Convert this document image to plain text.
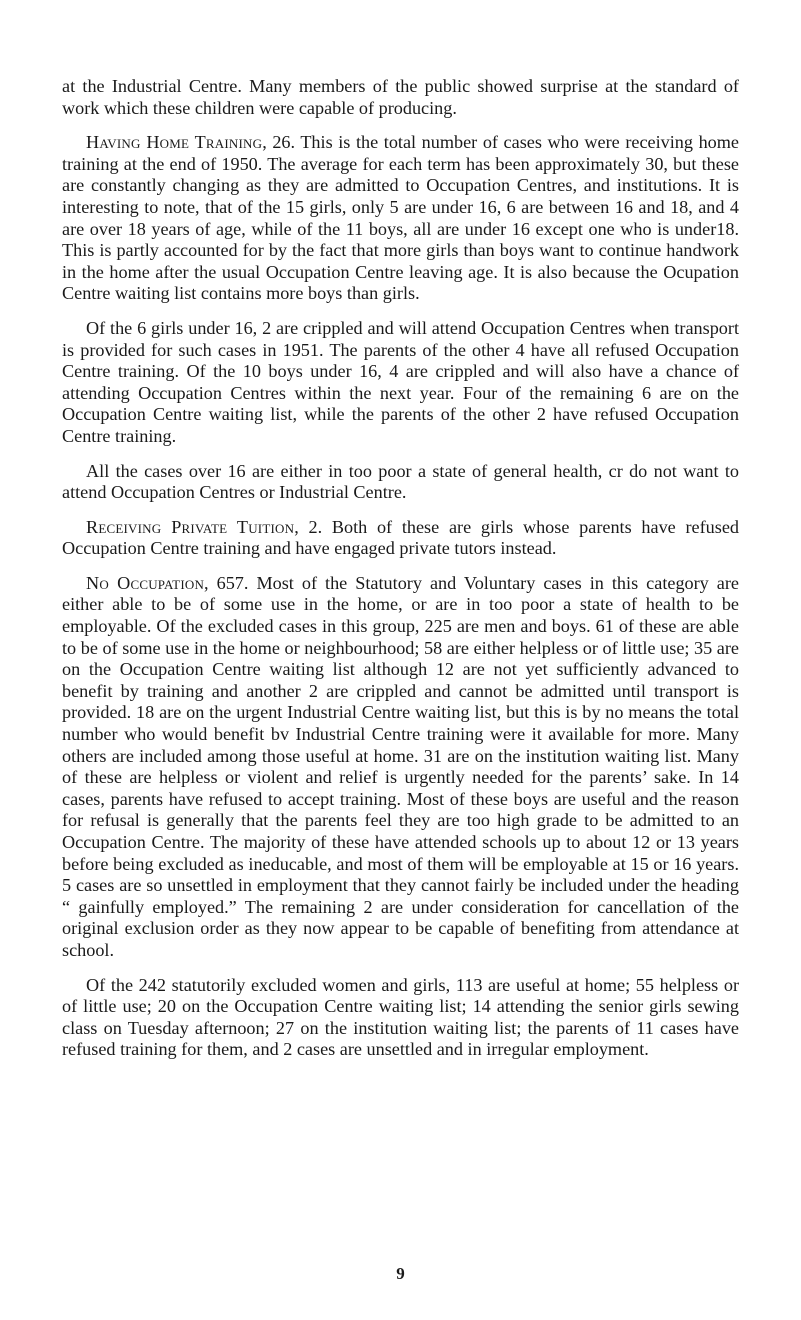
at the Industrial Centre. Many members of the public showed surprise at the standard of work which these children were capable of producing.

Having Home Training, 26. This is the total number of cases who were receiving home training at the end of 1950. The average for each term has been approximately 30, but these are constantly changing as they are admitted to Occupation Centres, and institutions. It is interesting to note, that of the 15 girls, only 5 are under 16, 6 are between 16 and 18, and 4 are over 18 years of age, while of the 11 boys, all are under 16 except one who is under18. This is partly accounted for by the fact that more girls than boys want to continue handwork in the home after the usual Occupation Centre leaving age. It is also because the Ocupation Centre waiting list contains more boys than girls.

Of the 6 girls under 16, 2 are crippled and will attend Occupation Centres when transport is provided for such cases in 1951. The parents of the other 4 have all refused Occupation Centre training. Of the 10 boys under 16, 4 are crippled and will also have a chance of attending Occupation Centres within the next year. Four of the remaining 6 are on the Occupation Centre waiting list, while the parents of the other 2 have refused Occupation Centre training.

All the cases over 16 are either in too poor a state of general health, cr do not want to attend Occupation Centres or Industrial Centre.

Receiving Private Tuition, 2. Both of these are girls whose parents have refused Occupation Centre training and have engaged private tutors instead.

No Occupation, 657. Most of the Statutory and Voluntary cases in this category are either able to be of some use in the home, or are in too poor a state of health to be employable. Of the excluded cases in this group, 225 are men and boys. 61 of these are able to be of some use in the home or neighbourhood; 58 are either helpless or of little use; 35 are on the Occupation Centre waiting list although 12 are not yet sufficiently advanced to benefit by training and another 2 are crippled and cannot be admitted until transport is provided. 18 are on the urgent Industrial Centre waiting list, but this is by no means the total number who would benefit bv Industrial Centre training were it available for more. Many others are included among those useful at home. 31 are on the institution waiting list. Many of these are helpless or violent and relief is urgently needed for the parents’ sake. In 14 cases, parents have refused to accept training. Most of these boys are useful and the reason for refusal is generally that the parents feel they are too high grade to be admitted to an Occupation Centre. The majority of these have attended schools up to about 12 or 13 years before being excluded as ineducable, and most of them will be employable at 15 or 16 years. 5 cases are so unsettled in employment that they cannot fairly be included under the heading “ gainfully employed.” The remaining 2 are under consideration for cancellation of the original exclusion order as they now appear to be capable of benefiting from attendance at school.

Of the 242 statutorily excluded women and girls, 113 are useful at home; 55 helpless or of little use; 20 on the Occupation Centre waiting list; 14 attending the senior girls sewing class on Tuesday afternoon; 27 on the institution waiting list; the parents of 11 cases have refused training for them, and 2 cases are unsettled and in irregular employment.

9
